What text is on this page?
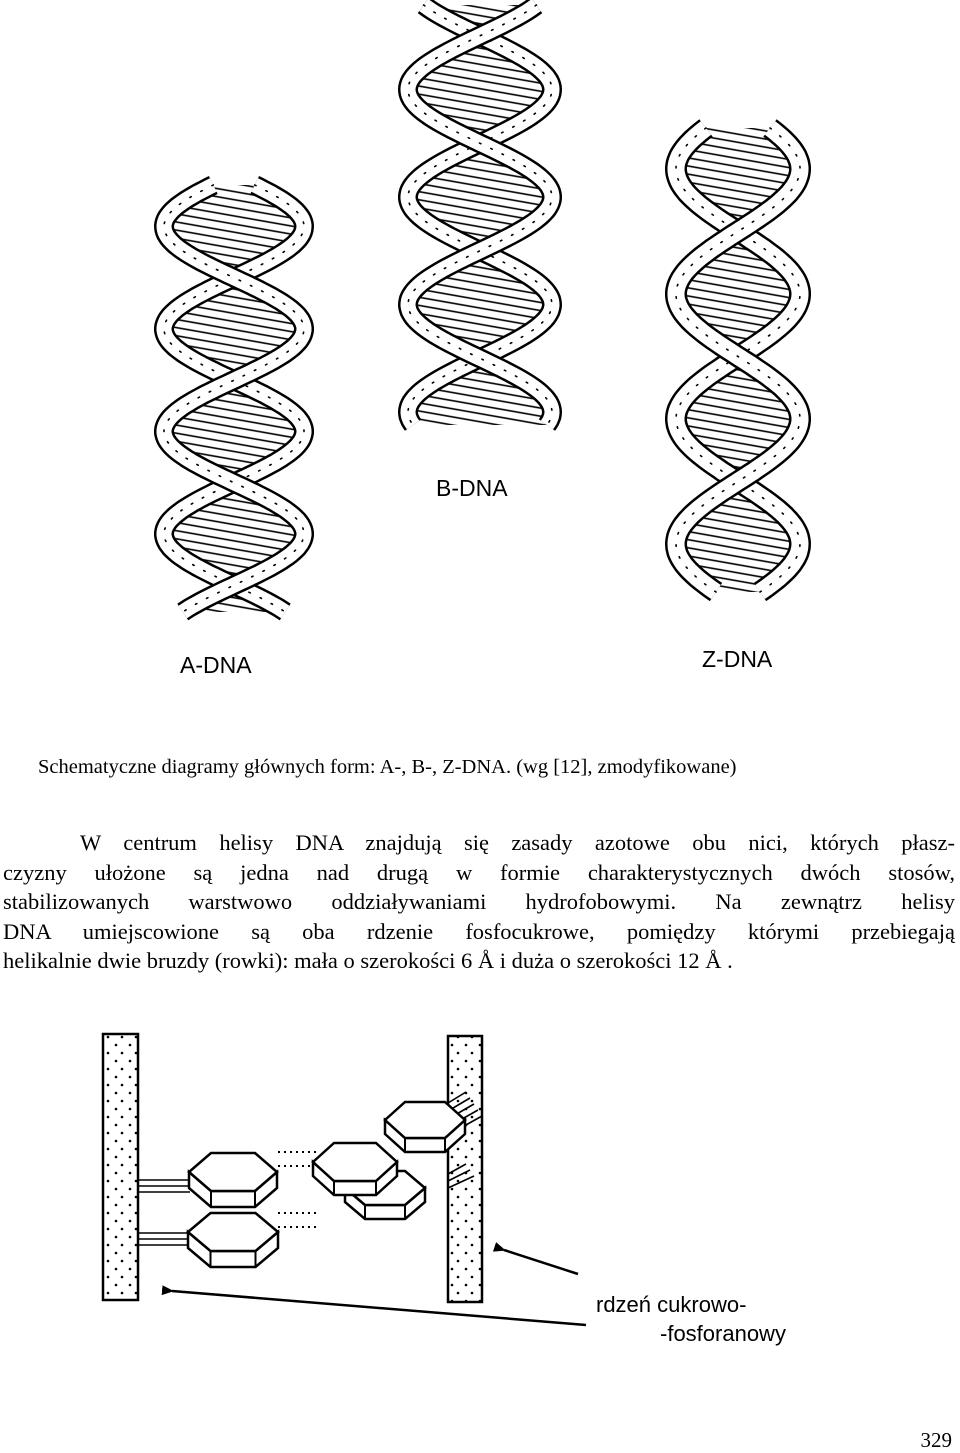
B-DNA
A-DNA	Z-DNA
Schematyczne diagramy głównych form: A-, B-, Z-DNA. (wg [12], zmodyfikowane)
W centrum helisy DNA znajdują się zasady azotowe obu nici, których płasz-
czyzny ułożone są jedna nad drugą w formie charakterystycznych dwóch stosów,
stabilizowanych warstwowo oddziaływaniami hydrofobowymi. Na zewnątrz helisy
DNA umiejscowione są oba rdzenie fosfocukrowe, pomiędzy którymi przebiegają
helikalnie dwie bruzdy (rowki): mała o szerokości 6 Å i duża o szerokości 12 Å .
rdzeń cukrowo-
-fosforanowy
329
